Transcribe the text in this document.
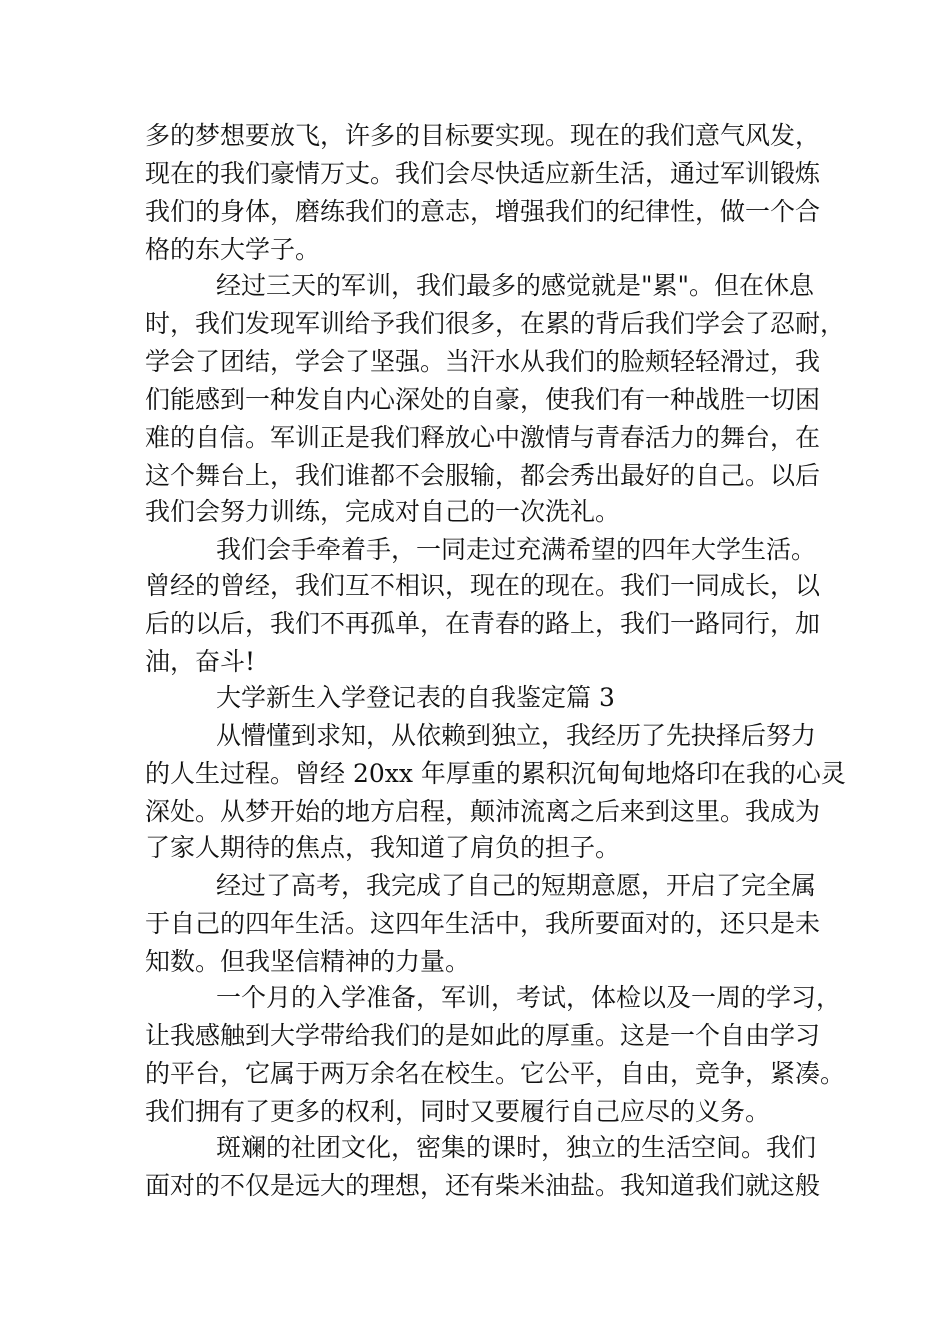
多的梦想要放飞，许多的目标要实现。现在的我们意气风发，
现在的我们豪情万丈。我们会尽快适应新生活，通过军训锻炼
我们的身体，磨练我们的意志，增强我们的纪律性，做一个合
格的东大学子。
经过三天的军训，我们最多的感觉就是"累"。但在休息
时，我们发现军训给予我们很多，在累的背后我们学会了忍耐，
学会了团结，学会了坚强。当汗水从我们的脸颊轻轻滑过，我
们能感到一种发自内心深处的自豪，使我们有一种战胜一切困
难的自信。军训正是我们释放心中激情与青春活力的舞台，在
这个舞台上，我们谁都不会服输，都会秀出最好的自己。以后
我们会努力训练，完成对自己的一次洗礼。
我们会手牵着手，一同走过充满希望的四年大学生活。
曾经的曾经，我们互不相识，现在的现在。我们一同成长，以
后的以后，我们不再孤单，在青春的路上，我们一路同行，加
油，奋斗!
大学新生入学登记表的自我鉴定篇 3
从懵懂到求知，从依赖到独立，我经历了先抉择后努力
的人生过程。曾经 20xx 年厚重的累积沉甸甸地烙印在我的心灵
深处。从梦开始的地方启程，颠沛流离之后来到这里。我成为
了家人期待的焦点，我知道了肩负的担子。
经过了高考，我完成了自己的短期意愿，开启了完全属
于自己的四年生活。这四年生活中，我所要面对的，还只是未
知数。但我坚信精神的力量。
一个月的入学准备，军训，考试，体检以及一周的学习，
让我感触到大学带给我们的是如此的厚重。这是一个自由学习
的平台，它属于两万余名在校生。它公平，自由，竞争，紧凑。
我们拥有了更多的权利，同时又要履行自己应尽的义务。
斑斓的社团文化，密集的课时，独立的生活空间。我们
面对的不仅是远大的理想，还有柴米油盐。我知道我们就这般
